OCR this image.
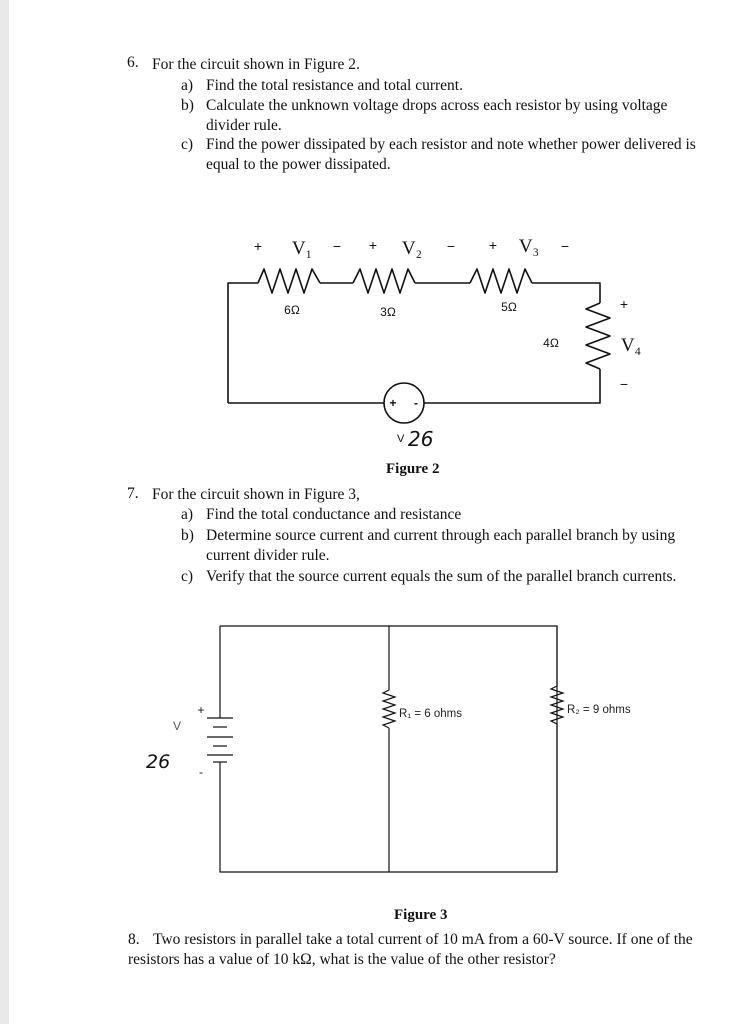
6. For the circuit shown in Figure 2.
a) Find the total resistance and total current.
b) Calculate the unknown voltage drops across each resistor by using voltage
divider rule.
c) Find the power dissipated by each resistor and note whether power delivered is
equal to the power dissipated.
+	− +	− +	−
+
−
V₁	V₂	V₃
V₄
6Ω	3Ω	5Ω
4Ω
+ -
V 26
Figure 2
7. For the circuit shown in Figure 3,
a) Find the total conductance and resistance
b) Determine source current and current through each parallel branch by using
current divider rule.
c) Verify that the source current equals the sum of the parallel branch currents.
+
-
V
26
R₁ = 6 ohms	R₂ = 9 ohms
Figure 3
8. Two resistors in parallel take a total current of 10 mA from a 60-V source. If one of the
resistors has a value of 10 kΩ, what is the value of the other resistor?
